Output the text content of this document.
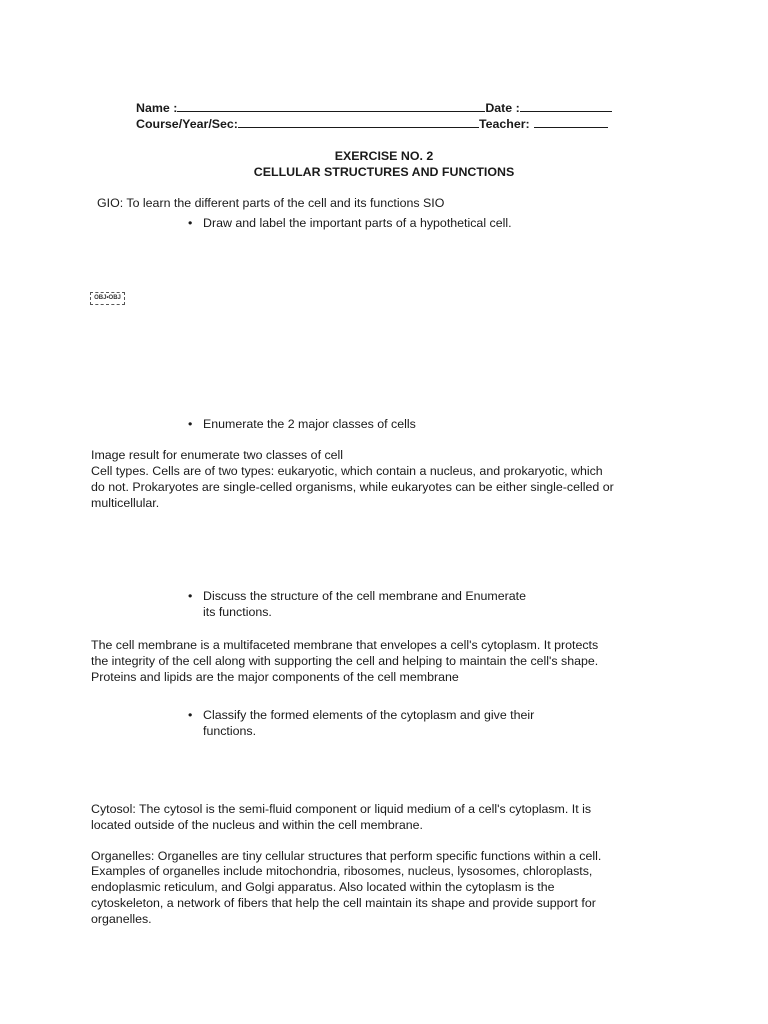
Name :	Date :
Course/Year/Sec:	Teacher:
EXERCISE NO. 2
CELLULAR STRUCTURES AND FUNCTIONS
GIO: To learn the different parts of the cell and its functions SIO
• Draw and label the important parts of a hypothetical cell.
OBJ•OBJ
• Enumerate the 2 major classes of cells
Image result for enumerate two classes of cell
Cell types. Cells are of two types: eukaryotic, which contain a nucleus, and prokaryotic, which
do not. Prokaryotes are single-celled organisms, while eukaryotes can be either single-celled or
multicellular.
• Discuss the structure of the cell membrane and Enumerate
its functions.
The cell membrane is a multifaceted membrane that envelopes a cell's cytoplasm. It protects
the integrity of the cell along with supporting the cell and helping to maintain the cell's shape.
Proteins and lipids are the major components of the cell membrane
• Classify the formed elements of the cytoplasm and give their
functions.
Cytosol: The cytosol is the semi-fluid component or liquid medium of a cell's cytoplasm. It is
located outside of the nucleus and within the cell membrane.
Organelles: Organelles are tiny cellular structures that perform specific functions within a cell.
Examples of organelles include mitochondria, ribosomes, nucleus, lysosomes, chloroplasts,
endoplasmic reticulum, and Golgi apparatus. Also located within the cytoplasm is the
cytoskeleton, a network of fibers that help the cell maintain its shape and provide support for
organelles.
